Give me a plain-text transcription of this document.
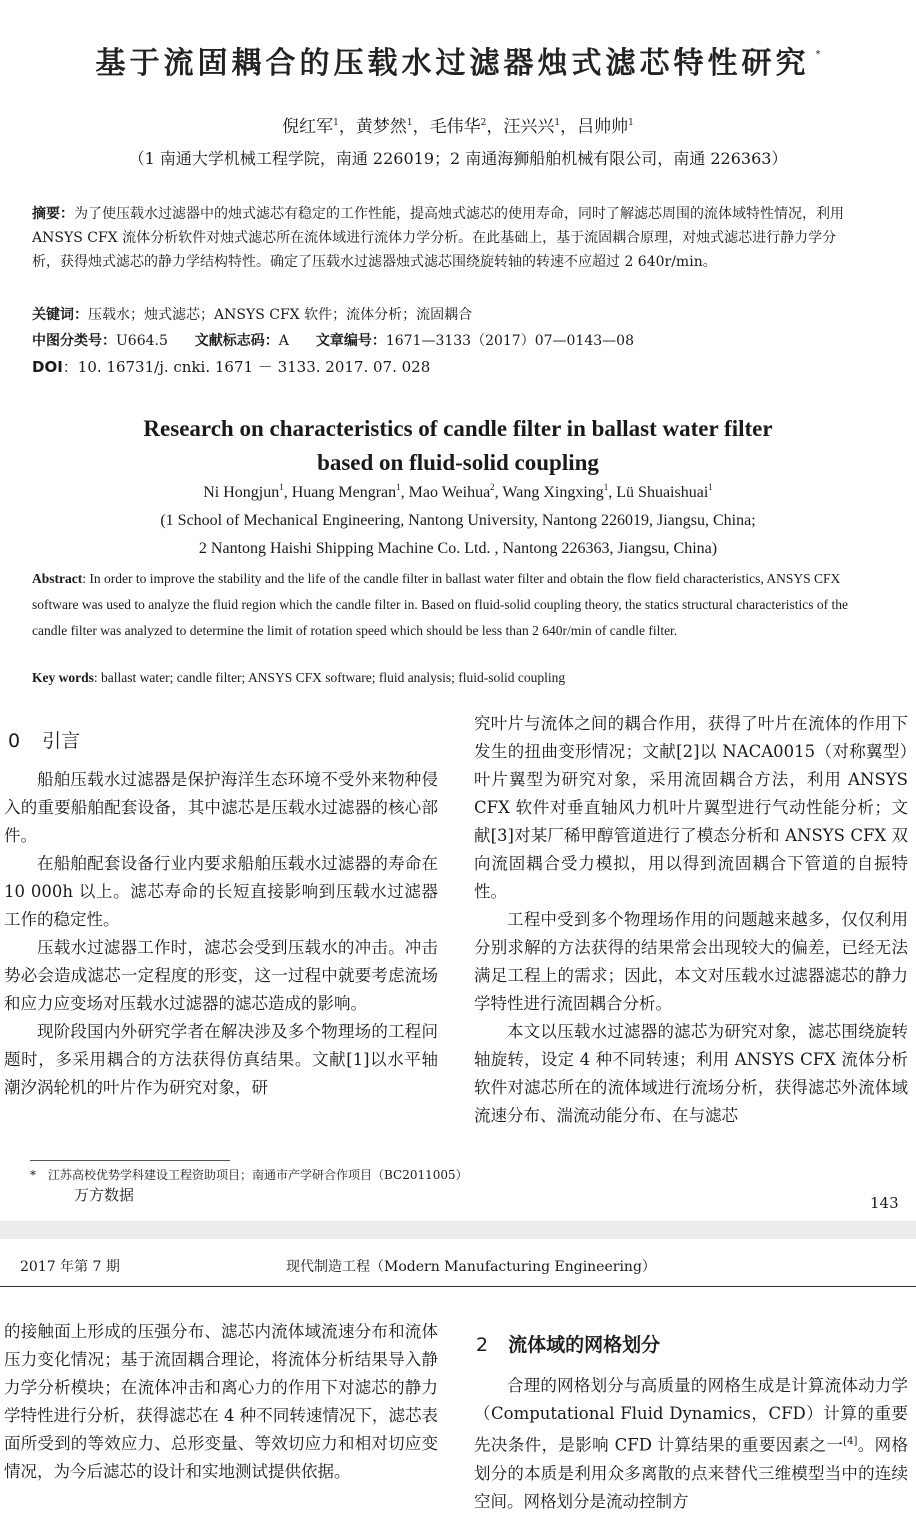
基于流固耦合的压载水过滤器烛式滤芯特性研究 *
倪红军$^1$，黄梦然$^1$，毛伟华$^2$，汪兴兴$^1$，吕帅帅$^1$
（1 南通大学机械工程学院，南通 226019；2 南通海狮船舶机械有限公司，南通 226363）
摘要：为了使压载水过滤器中的烛式滤芯有稳定的工作性能，提高烛式滤芯的使用寿命，同时了解滤芯周围的流体域特性情况，利用 ANSYS CFX 流体分析软件对烛式滤芯所在流体域进行流体力学分析。在此基础上，基于流固耦合原理，对烛式滤芯进行静力学分析，获得烛式滤芯的静力学结构特性。确定了压载水过滤器烛式滤芯围绕旋转轴的转速不应超过 2 640r/min。
关键词：压载水；烛式滤芯；ANSYS CFX 软件；流体分析；流固耦合
中图分类号：U664.5 文献标志码：A 文章编号：1671—3133（2017）07—0143—08
DOI：10. 16731/j. cnki. 1671 － 3133. 2017. 07. 028
Research on characteristics of candle filter in ballast water filter
based on fluid-solid coupling
Ni Hongjun$^1$, Huang Mengran$^1$, Mao Weihua$^2$, Wang Xingxing$^1$, Lü Shuaishuai$^1$
(1 School of Mechanical Engineering, Nantong University, Nantong 226019, Jiangsu, China;
2 Nantong Haishi Shipping Machine Co. Ltd. , Nantong 226363, Jiangsu, China)
Abstract: In order to improve the stability and the life of the candle filter in ballast water filter and obtain the flow field characteristics, ANSYS CFX software was used to analyze the fluid region which the candle filter in. Based on fluid-solid coupling theory, the statics structural characteristics of the candle filter was analyzed to determine the limit of rotation speed which should be less than 2 640r/min of candle filter.
Key words: ballast water; candle filter; ANSYS CFX software; fluid analysis; fluid-solid coupling
0 引言

船舶压载水过滤器是保护海洋生态环境不受外来物种侵入的重要船舶配套设备，其中滤芯是压载水过滤器的核心部件。

在船舶配套设备行业内要求船舶压载水过滤器的寿命在 10 000h 以上。滤芯寿命的长短直接影响到压载水过滤器工作的稳定性。

压载水过滤器工作时，滤芯会受到压载水的冲击。冲击势必会造成滤芯一定程度的形变，这一过程中就要考虑流场和应力应变场对压载水过滤器的滤芯造成的影响。

现阶段国内外研究学者在解决涉及多个物理场的工程问题时，多采用耦合的方法获得仿真结果。文献[1]以水平轴潮汐涡轮机的叶片作为研究对象，研

究叶片与流体之间的耦合作用，获得了叶片在流体的作用下发生的扭曲变形情况；文献[2]以 NACA0015（对称翼型）叶片翼型为研究对象，采用流固耦合方法，利用 ANSYS CFX 软件对垂直轴风力机叶片翼型进行气动性能分析；文献[3]对某厂稀甲醇管道进行了模态分析和 ANSYS CFX 双向流固耦合受力模拟，用以得到流固耦合下管道的自振特性。

工程中受到多个物理场作用的问题越来越多，仅仅利用分别求解的方法获得的结果常会出现较大的偏差，已经无法满足工程上的需求；因此，本文对压载水过滤器滤芯的静力学特性进行流固耦合分析。

本文以压载水过滤器的滤芯为研究对象，滤芯围绕旋转轴旋转，设定 4 种不同转速；利用 ANSYS CFX 流体分析软件对滤芯所在的流体域进行流场分析，获得滤芯外流体域流速分布、湍流动能分布、在与滤芯

* 江苏高校优势学科建设工程资助项目；南通市产学研合作项目（BC2011005）
万方数据	143
2017 年第 7 期	现代制造工程（Modern Manufacturing Engineering）

的接触面上形成的压强分布、滤芯内流体域流速分布和流体压力变化情况；基于流固耦合理论，将流体分析结果导入静力学分析模块；在流体冲击和离心力的作用下对滤芯的静力学特性进行分析，获得滤芯在 4 种不同转速情况下，滤芯表面所受到的等效应力、总形变量、等效切应力和相对切应变情况，为今后滤芯的设计和实地测试提供依据。

2 流体域的网格划分

合理的网格划分与高质量的网格生成是计算流体动力学（Computational Fluid Dynamics，CFD）计算的重要先决条件，是影响 CFD 计算结果的重要因素之一[4]。网格划分的本质是利用众多离散的点来替代三维模型当中的连续空间。网格划分是流动控制方
